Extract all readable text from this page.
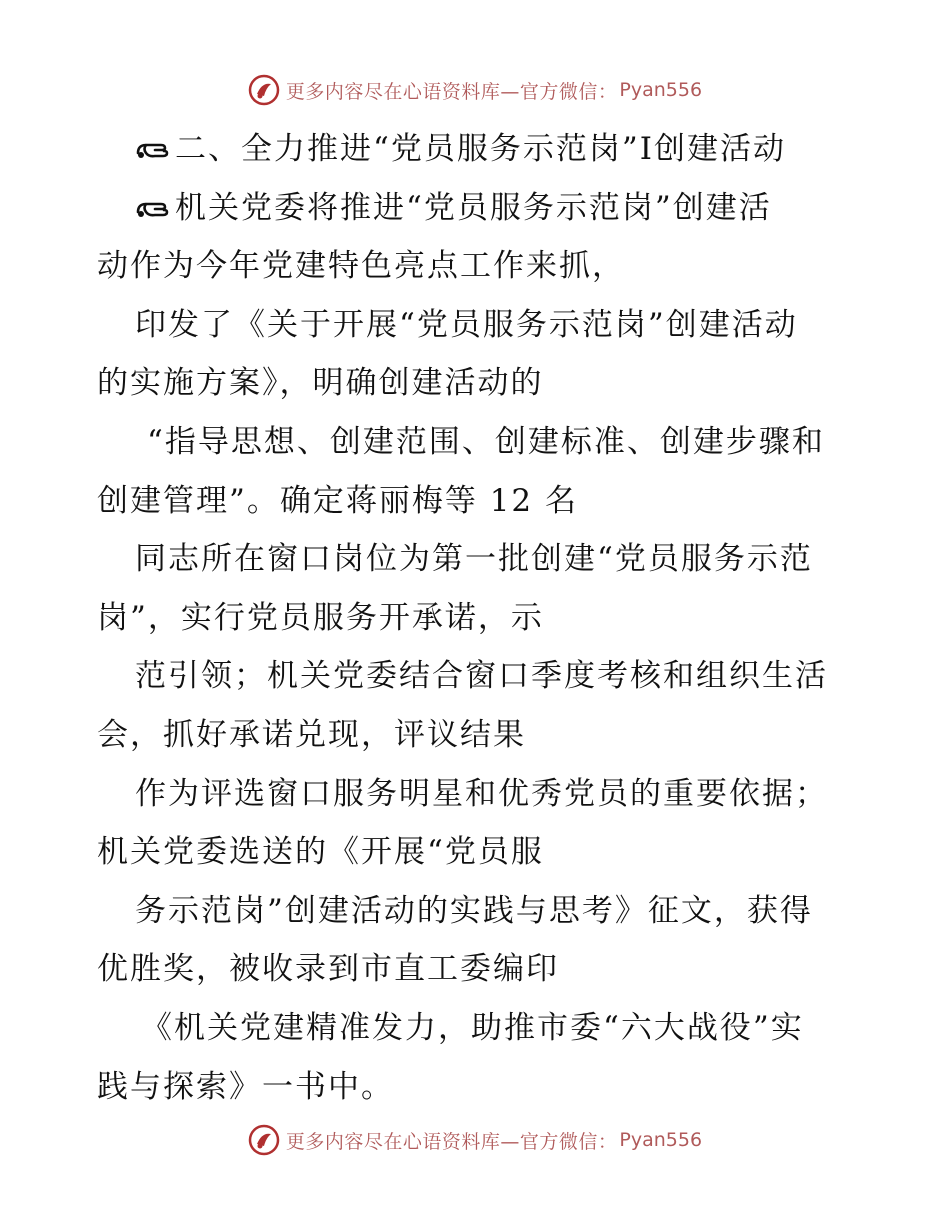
更多内容尽在心语资料库—官方微信： Pyan556
二、全力推进“党员服务示范岗”Ⅰ创建活动
机关党委将推进“党员服务示范岗”创建活
动作为今年党建特色亮点工作来抓，
印发了《关于开展“党员服务示范岗”创建活动
的实施方案》，明确创建活动的
“指导思想、创建范围、创建标准、创建步骤和
创建管理”。确定蒋丽梅等 12 名
同志所在窗口岗位为第一批创建“党员服务示范
岗”，实行党员服务开承诺，示
范引领；机关党委结合窗口季度考核和组织生活
会，抓好承诺兑现，评议结果
作为评选窗口服务明星和优秀党员的重要依据；
机关党委选送的《开展“党员服
务示范岗”创建活动的实践与思考》征文，获得
优胜奖，被收录到市直工委编印
《机关党建精准发力，助推市委“六大战役”实
践与探索》一书中。
更多内容尽在心语资料库—官方微信： Pyan556
